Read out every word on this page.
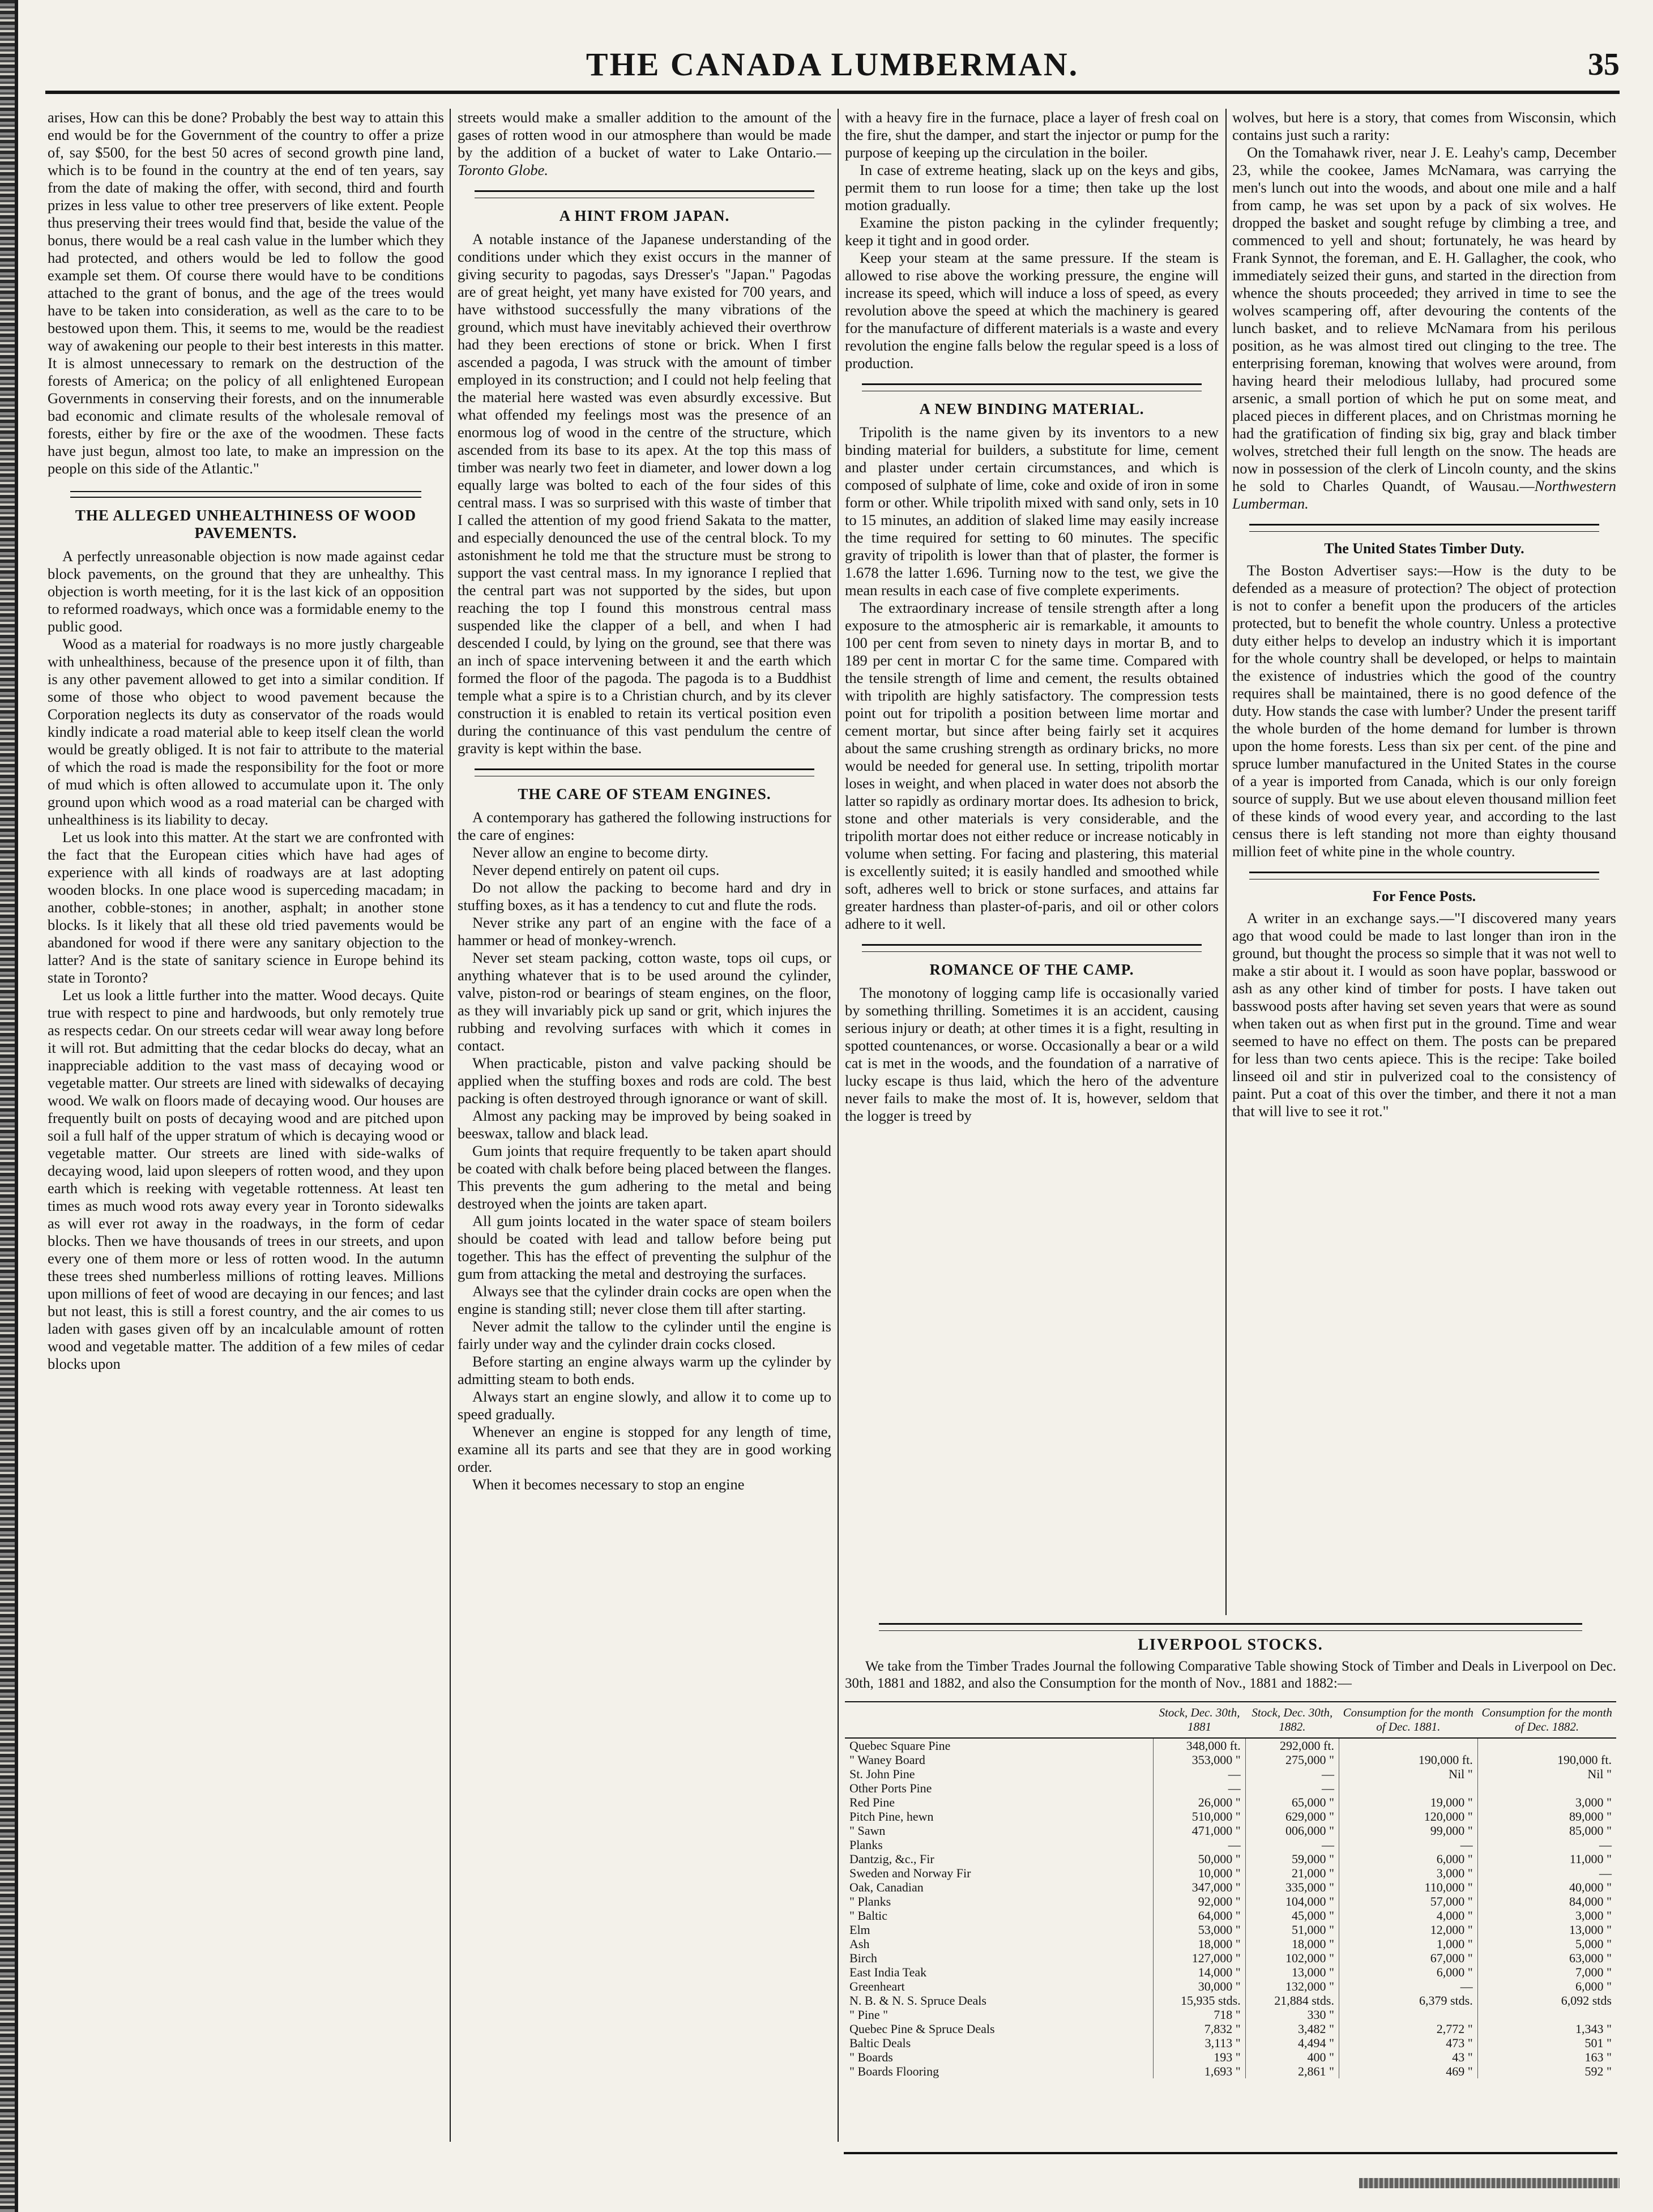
THE CANADA LUMBERMAN.	35

arises, How can this be done? Probably the best way to attain this end would be for the Government of the country to offer a prize of, say $500, for the best 50 acres of second growth pine land, which is to be found in the country at the end of ten years, say from the date of making the offer, with second, third and fourth prizes in less value to other tree preservers of like extent. People thus preserving their trees would find that, beside the value of the bonus, there would be a real cash value in the lumber which they had protected, and others would be led to follow the good example set them. Of course there would have to be conditions attached to the grant of bonus, and the age of the trees would have to be taken into consideration, as well as the care to to be bestowed upon them. This, it seems to me, would be the readiest way of awakening our people to their best interests in this matter. It is almost unnecessary to remark on the destruction of the forests of America; on the policy of all enlightened European Governments in conserving their forests, and on the innumerable bad economic and climate results of the wholesale removal of forests, either by fire or the axe of the woodmen. These facts have just begun, almost too late, to make an impression on the people on this side of the Atlantic."

THE ALLEGED UNHEALTHINESS OF WOOD PAVEMENTS.

A perfectly unreasonable objection is now made against cedar block pavements, on the ground that they are unhealthy. This objection is worth meeting, for it is the last kick of an opposition to reformed roadways, which once was a formidable enemy to the public good.

Wood as a material for roadways is no more justly chargeable with unhealthiness, because of the presence upon it of filth, than is any other pavement allowed to get into a similar condition. If some of those who object to wood pavement because the Corporation neglects its duty as conservator of the roads would kindly indicate a road material able to keep itself clean the world would be greatly obliged. It is not fair to attribute to the material of which the road is made the responsibility for the foot or more of mud which is often allowed to accumulate upon it. The only ground upon which wood as a road material can be charged with unhealthiness is its liability to decay.

Let us look into this matter. At the start we are confronted with the fact that the European cities which have had ages of experience with all kinds of roadways are at last adopting wooden blocks. In one place wood is superceding macadam; in another, cobble-stones; in another, asphalt; in another stone blocks. Is it likely that all these old tried pavements would be abandoned for wood if there were any sanitary objection to the latter? And is the state of sanitary science in Europe behind its state in Toronto?

Let us look a little further into the matter. Wood decays. Quite true with respect to pine and hardwoods, but only remotely true as respects cedar. On our streets cedar will wear away long before it will rot. But admitting that the cedar blocks do decay, what an inappreciable addition to the vast mass of decaying wood or vegetable matter. Our streets are lined with sidewalks of decaying wood. We walk on floors made of decaying wood. Our houses are frequently built on posts of decaying wood and are pitched upon soil a full half of the upper stratum of which is decaying wood or vegetable matter. Our streets are lined with side-walks of decaying wood, laid upon sleepers of rotten wood, and they upon earth which is reeking with vegetable rottenness. At least ten times as much wood rots away every year in Toronto sidewalks as will ever rot away in the roadways, in the form of cedar blocks. Then we have thousands of trees in our streets, and upon every one of them more or less of rotten wood. In the autumn these trees shed numberless millions of rotting leaves. Millions upon millions of feet of wood are decaying in our fences; and last but not least, this is still a forest country, and the air comes to us laden with gases given off by an incalculable amount of rotten wood and vegetable matter. The addition of a few miles of cedar blocks upon

streets would make a smaller addition to the amount of the gases of rotten wood in our atmosphere than would be made by the addition of a bucket of water to Lake Ontario.—Toronto Globe.

A HINT FROM JAPAN.

A notable instance of the Japanese understanding of the conditions under which they exist occurs in the manner of giving security to pagodas, says Dresser's "Japan." Pagodas are of great height, yet many have existed for 700 years, and have withstood successfully the many vibrations of the ground, which must have inevitably achieved their overthrow had they been erections of stone or brick. When I first ascended a pagoda, I was struck with the amount of timber employed in its construction; and I could not help feeling that the material here wasted was even absurdly excessive. But what offended my feelings most was the presence of an enormous log of wood in the centre of the structure, which ascended from its base to its apex. At the top this mass of timber was nearly two feet in diameter, and lower down a log equally large was bolted to each of the four sides of this central mass. I was so surprised with this waste of timber that I called the attention of my good friend Sakata to the matter, and especially denounced the use of the central block. To my astonishment he told me that the structure must be strong to support the vast central mass. In my ignorance I replied that the central part was not supported by the sides, but upon reaching the top I found this monstrous central mass suspended like the clapper of a bell, and when I had descended I could, by lying on the ground, see that there was an inch of space intervening between it and the earth which formed the floor of the pagoda. The pagoda is to a Buddhist temple what a spire is to a Christian church, and by its clever construction it is enabled to retain its vertical position even during the continuance of this vast pendulum the centre of gravity is kept within the base.

THE CARE OF STEAM ENGINES.

A contemporary has gathered the following instructions for the care of engines:

Never allow an engine to become dirty.

Never depend entirely on patent oil cups.

Do not allow the packing to become hard and dry in stuffing boxes, as it has a tendency to cut and flute the rods.

Never strike any part of an engine with the face of a hammer or head of monkey-wrench.

Never set steam packing, cotton waste, tops oil cups, or anything whatever that is to be used around the cylinder, valve, piston-rod or bearings of steam engines, on the floor, as they will invariably pick up sand or grit, which injures the rubbing and revolving surfaces with which it comes in contact.

When practicable, piston and valve packing should be applied when the stuffing boxes and rods are cold. The best packing is often destroyed through ignorance or want of skill.

Almost any packing may be improved by being soaked in beeswax, tallow and black lead.

Gum joints that require frequently to be taken apart should be coated with chalk before being placed between the flanges. This prevents the gum adhering to the metal and being destroyed when the joints are taken apart.

All gum joints located in the water space of steam boilers should be coated with lead and tallow before being put together. This has the effect of preventing the sulphur of the gum from attacking the metal and destroying the surfaces.

Always see that the cylinder drain cocks are open when the engine is standing still; never close them till after starting.

Never admit the tallow to the cylinder until the engine is fairly under way and the cylinder drain cocks closed.

Before starting an engine always warm up the cylinder by admitting steam to both ends.

Always start an engine slowly, and allow it to come up to speed gradually.

Whenever an engine is stopped for any length of time, examine all its parts and see that they are in good working order.

When it becomes necessary to stop an engine

with a heavy fire in the furnace, place a layer of fresh coal on the fire, shut the damper, and start the injector or pump for the purpose of keeping up the circulation in the boiler.

In case of extreme heating, slack up on the keys and gibs, permit them to run loose for a time; then take up the lost motion gradually.

Examine the piston packing in the cylinder frequently; keep it tight and in good order.

Keep your steam at the same pressure. If the steam is allowed to rise above the working pressure, the engine will increase its speed, which will induce a loss of speed, as every revolution above the speed at which the machinery is geared for the manufacture of different materials is a waste and every revolution the engine falls below the regular speed is a loss of production.

A NEW BINDING MATERIAL.

Tripolith is the name given by its inventors to a new binding material for builders, a substitute for lime, cement and plaster under certain circumstances, and which is composed of sulphate of lime, coke and oxide of iron in some form or other. While tripolith mixed with sand only, sets in 10 to 15 minutes, an addition of slaked lime may easily increase the time required for setting to 60 minutes. The specific gravity of tripolith is lower than that of plaster, the former is 1.678 the latter 1.696. Turning now to the test, we give the mean results in each case of five complete experiments.

The extraordinary increase of tensile strength after a long exposure to the atmospheric air is remarkable, it amounts to 100 per cent from seven to ninety days in mortar B, and to 189 per cent in mortar C for the same time. Compared with the tensile strength of lime and cement, the results obtained with tripolith are highly satisfactory. The compression tests point out for tripolith a position between lime mortar and cement mortar, but since after being fairly set it acquires about the same crushing strength as ordinary bricks, no more would be needed for general use. In setting, tripolith mortar loses in weight, and when placed in water does not absorb the latter so rapidly as ordinary mortar does. Its adhesion to brick, stone and other materials is very considerable, and the tripolith mortar does not either reduce or increase noticably in volume when setting. For facing and plastering, this material is excellently suited; it is easily handled and smoothed while soft, adheres well to brick or stone surfaces, and attains far greater hardness than plaster-of-paris, and oil or other colors adhere to it well.

ROMANCE OF THE CAMP.

The monotony of logging camp life is occasionally varied by something thrilling. Sometimes it is an accident, causing serious injury or death; at other times it is a fight, resulting in spotted countenances, or worse. Occasionally a bear or a wild cat is met in the woods, and the foundation of a narrative of lucky escape is thus laid, which the hero of the adventure never fails to make the most of. It is, however, seldom that the logger is treed by

wolves, but here is a story, that comes from Wisconsin, which contains just such a rarity:

On the Tomahawk river, near J. E. Leahy's camp, December 23, while the cookee, James McNamara, was carrying the men's lunch out into the woods, and about one mile and a half from camp, he was set upon by a pack of six wolves. He dropped the basket and sought refuge by climbing a tree, and commenced to yell and shout; fortunately, he was heard by Frank Synnot, the foreman, and E. H. Gallagher, the cook, who immediately seized their guns, and started in the direction from whence the shouts proceeded; they arrived in time to see the wolves scampering off, after devouring the contents of the lunch basket, and to relieve McNamara from his perilous position, as he was almost tired out clinging to the tree. The enterprising foreman, knowing that wolves were around, from having heard their melodious lullaby, had procured some arsenic, a small portion of which he put on some meat, and placed pieces in different places, and on Christmas morning he had the gratification of finding six big, gray and black timber wolves, stretched their full length on the snow. The heads are now in possession of the clerk of Lincoln county, and the skins he sold to Charles Quandt, of Wausau.—Northwestern Lumberman.

The United States Timber Duty.

The Boston Advertiser says:—How is the duty to be defended as a measure of protection? The object of protection is not to confer a benefit upon the producers of the articles protected, but to benefit the whole country. Unless a protective duty either helps to develop an industry which it is important for the whole country shall be developed, or helps to maintain the existence of industries which the good of the country requires shall be maintained, there is no good defence of the duty. How stands the case with lumber? Under the present tariff the whole burden of the home demand for lumber is thrown upon the home forests. Less than six per cent. of the pine and spruce lumber manufactured in the United States in the course of a year is imported from Canada, which is our only foreign source of supply. But we use about eleven thousand million feet of these kinds of wood every year, and according to the last census there is left standing not more than eighty thousand million feet of white pine in the whole country.

For Fence Posts.

A writer in an exchange says.—"I discovered many years ago that wood could be made to last longer than iron in the ground, but thought the process so simple that it was not well to make a stir about it. I would as soon have poplar, basswood or ash as any other kind of timber for posts. I have taken out basswood posts after having set seven years that were as sound when taken out as when first put in the ground. Time and wear seemed to have no effect on them. The posts can be prepared for less than two cents apiece. This is the recipe: Take boiled linseed oil and stir in pulverized coal to the consistency of paint. Put a coat of this over the timber, and there it not a man that will live to see it rot."

LIVERPOOL STOCKS.
We take from the Timber Trades Journal the following Comparative Table showing Stock of Timber and Deals in Liverpool on Dec. 30th, 1881 and 1882, and also the Consumption for the month of Nov., 1881 and 1882:—
	Stock, Dec. 30th, 1881	Stock, Dec. 30th, 1882.	Consumption for the month of Dec. 1881.	Consumption for the month of Dec. 1882.
Quebec Square Pine	348,000 ft.	292,000 ft.		
" Waney Board	353,000 "	275,000 "	190,000 ft.	190,000 ft.
St. John Pine	—	—	Nil "	Nil "
Other Ports Pine	—	—		
Red Pine	26,000 "	65,000 "	19,000 "	3,000 "
Pitch Pine, hewn	510,000 "	629,000 "	120,000 "	89,000 "
" Sawn	471,000 "	006,000 "	99,000 "	85,000 "
Planks	—	—	—	—
Dantzig, &c., Fir	50,000 "	59,000 "	6,000 "	11,000 "
Sweden and Norway Fir	10,000 "	21,000 "	3,000 "	—
Oak, Canadian	347,000 "	335,000 "	110,000 "	40,000 "
" Planks	92,000 "	104,000 "	57,000 "	84,000 "
" Baltic	64,000 "	45,000 "	4,000 "	3,000 "
Elm	53,000 "	51,000 "	12,000 "	13,000 "
Ash	18,000 "	18,000 "	1,000 "	5,000 "
Birch	127,000 "	102,000 "	67,000 "	63,000 "
East India Teak	14,000 "	13,000 "	6,000 "	7,000 "
Greenheart	30,000 "	132,000 "	—	6,000 "
N. B. & N. S. Spruce Deals	15,935 stds.	21,884 stds.	6,379 stds.	6,092 stds
" Pine "	718 "	330 "		
Quebec Pine & Spruce Deals	7,832 "	3,482 "	2,772 "	1,343 "
Baltic Deals	3,113 "	4,494 "	473 "	501 "
" Boards	193 "	400 "	43 "	163 "
" Boards Flooring	1,693 "	2,861 "	469 "	592 "
